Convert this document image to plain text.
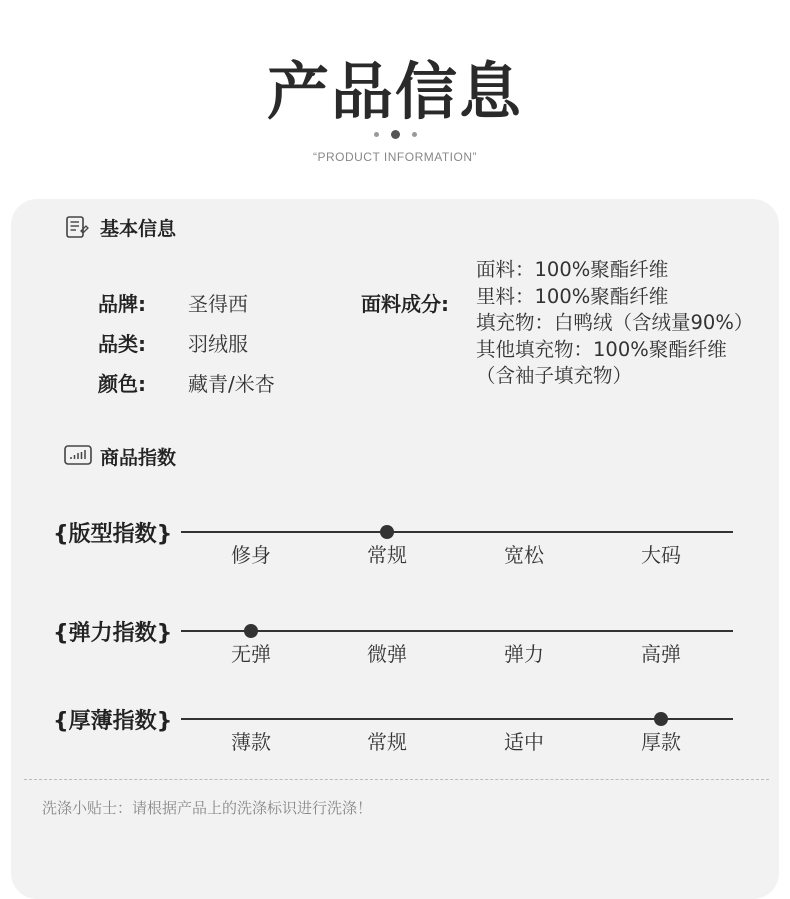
产品信息
“PRODUCT INFORMATION”
基本信息
品牌: 圣得西
品类: 羽绒服
颜色: 藏青/米杏
面料成分:
面料：100%聚酯纤维
里料：100%聚酯纤维
填充物：白鸭绒（含绒量90%）
其他填充物：100%聚酯纤维
（含袖子填充物）
商品指数
{版型指数}
修身	常规	宽松	大码
{弹力指数}
无弹	微弹	弹力	高弹
{厚薄指数}
薄款	常规	适中	厚款
洗涤小贴士：请根据产品上的洗涤标识进行洗涤！
